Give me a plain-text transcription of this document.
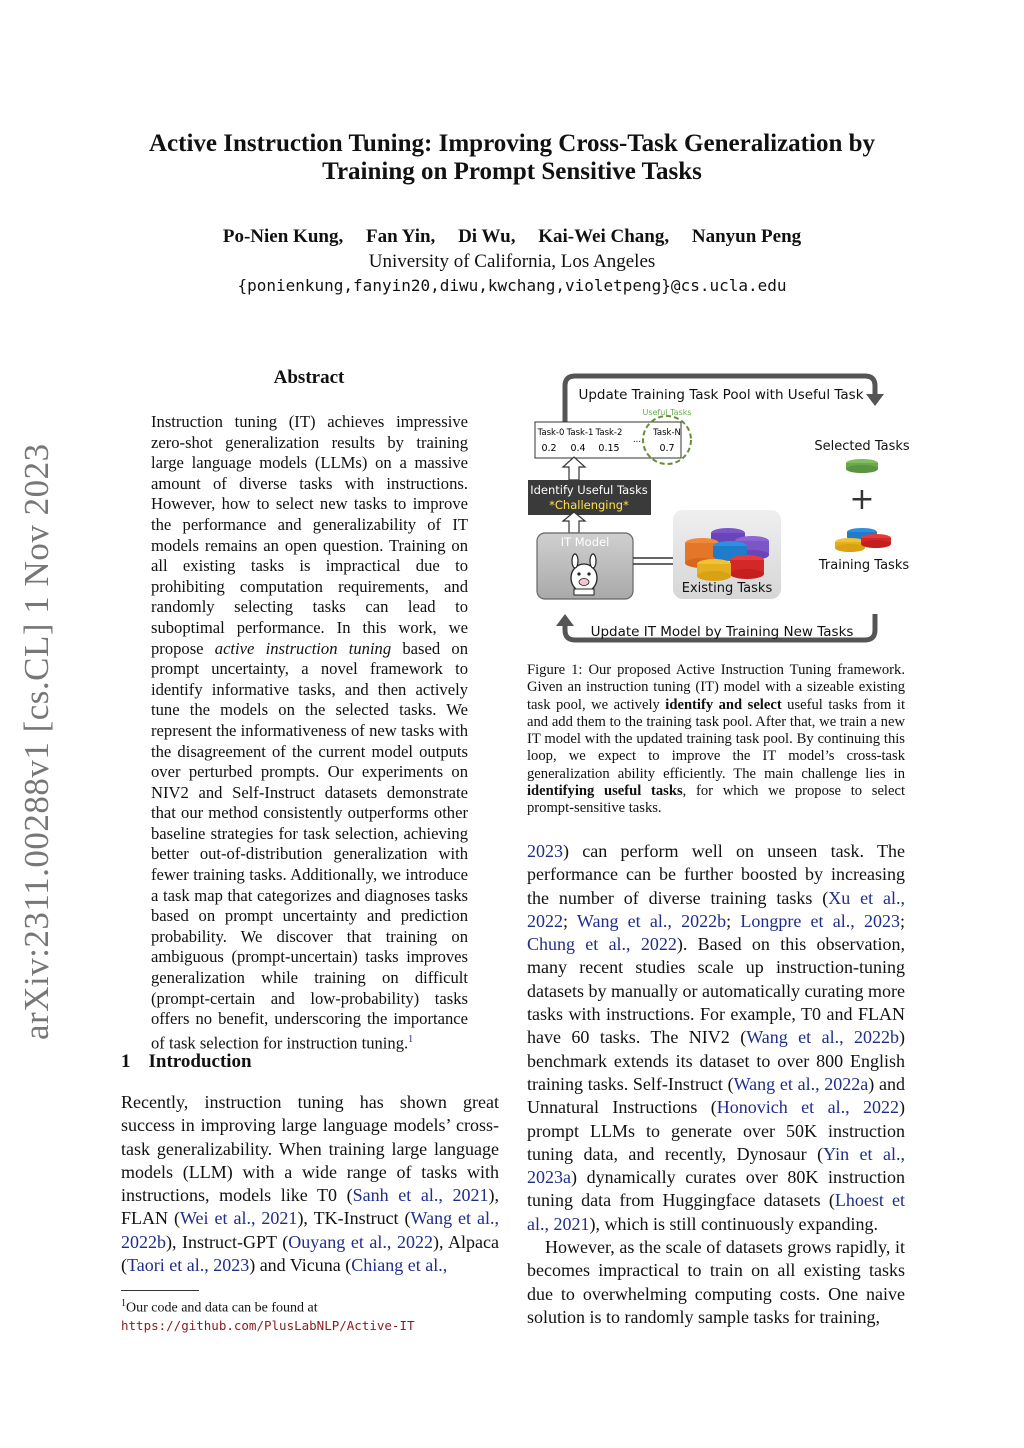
Active Instruction Tuning: Improving Cross-Task Generalization by
Training on Prompt Sensitive Tasks
Po-Nien Kung, Fan Yin, Di Wu, Kai-Wei Chang, Nanyun Peng
University of California, Los Angeles
{ponienkung,fanyin20,diwu,kwchang,violetpeng}@cs.ucla.edu
arXiv:2311.00288v1 [cs.CL] 1 Nov 2023
Abstract
Instruction tuning (IT) achieves impressive zero-shot generalization results by training large language models (LLMs) on a massive amount of diverse tasks with instructions. However, how to select new tasks to improve the performance and generalizability of IT models remains an open question. Training on all existing tasks is impractical due to prohibiting computation requirements, and randomly selecting tasks can lead to suboptimal performance. In this work, we propose active instruction tuning based on prompt uncertainty, a novel framework to identify informative tasks, and then actively tune the models on the selected tasks. We represent the informativeness of new tasks with the disagreement of the current model outputs over perturbed prompts. Our experiments on NIV2 and Self-Instruct datasets demonstrate that our method consistently outperforms other baseline strategies for task selection, achieving better out-of-distribution generalization with fewer training tasks. Additionally, we introduce a task map that categorizes and diagnoses tasks based on prompt uncertainty and prediction probability. We discover that training on ambiguous (prompt-uncertain) tasks improves generalization while training on difficult (prompt-certain and low-probability) tasks offers no benefit, underscoring the importance of task selection for instruction tuning.$^1$
1 Introduction
Recently, instruction tuning has shown great success in improving large language models’ cross-task generalizability. When training large language models (LLM) with a wide range of tasks with instructions, models like T0 (Sanh et al., 2021), FLAN (Wei et al., 2021), TK-Instruct (Wang et al., 2022b), Instruct-GPT (Ouyang et al., 2022), Alpaca (Taori et al., 2023) and Vicuna (Chiang et al.,
$^1$Our code and data can be found at https://github.com/PlusLabNLP/Active-IT
Update Training Task Pool with Useful Task
Task-0 Task-1 Task-2
...
Task-N
0.2 0.4 0.15	0.7
Useful Tasks
Identify Useful Tasks
*Challenging*
IT Model
Existing Tasks
Selected Tasks
+
Training Tasks
Update IT Model by Training New Tasks
Figure 1: Our proposed Active Instruction Tuning framework. Given an instruction tuning (IT) model with a sizeable existing task pool, we actively identify and select useful tasks from it and add them to the training task pool. After that, we train a new IT model with the updated training task pool. By continuing this loop, we expect to improve the IT model’s cross-task generalization ability efficiently. The main challenge lies in identifying useful tasks, for which we propose to select prompt-sensitive tasks.
2023) can perform well on unseen task. The performance can be further boosted by increasing the number of diverse training tasks (Xu et al., 2022; Wang et al., 2022b; Longpre et al., 2023; Chung et al., 2022). Based on this observation, many recent studies scale up instruction-tuning datasets by manually or automatically curating more tasks with instructions. For example, T0 and FLAN have 60 tasks. The NIV2 (Wang et al., 2022b) benchmark extends its dataset to over 800 English training tasks. Self-Instruct (Wang et al., 2022a) and Unnatural Instructions (Honovich et al., 2022) prompt LLMs to generate over 50K instruction tuning data, and recently, Dynosaur (Yin et al., 2023a) dynamically curates over 80K instruction tuning data from Huggingface datasets (Lhoest et al., 2021), which is still continuously expanding.
However, as the scale of datasets grows rapidly, it becomes impractical to train on all existing tasks due to overwhelming computing costs. One naive solution is to randomly sample tasks for training,
